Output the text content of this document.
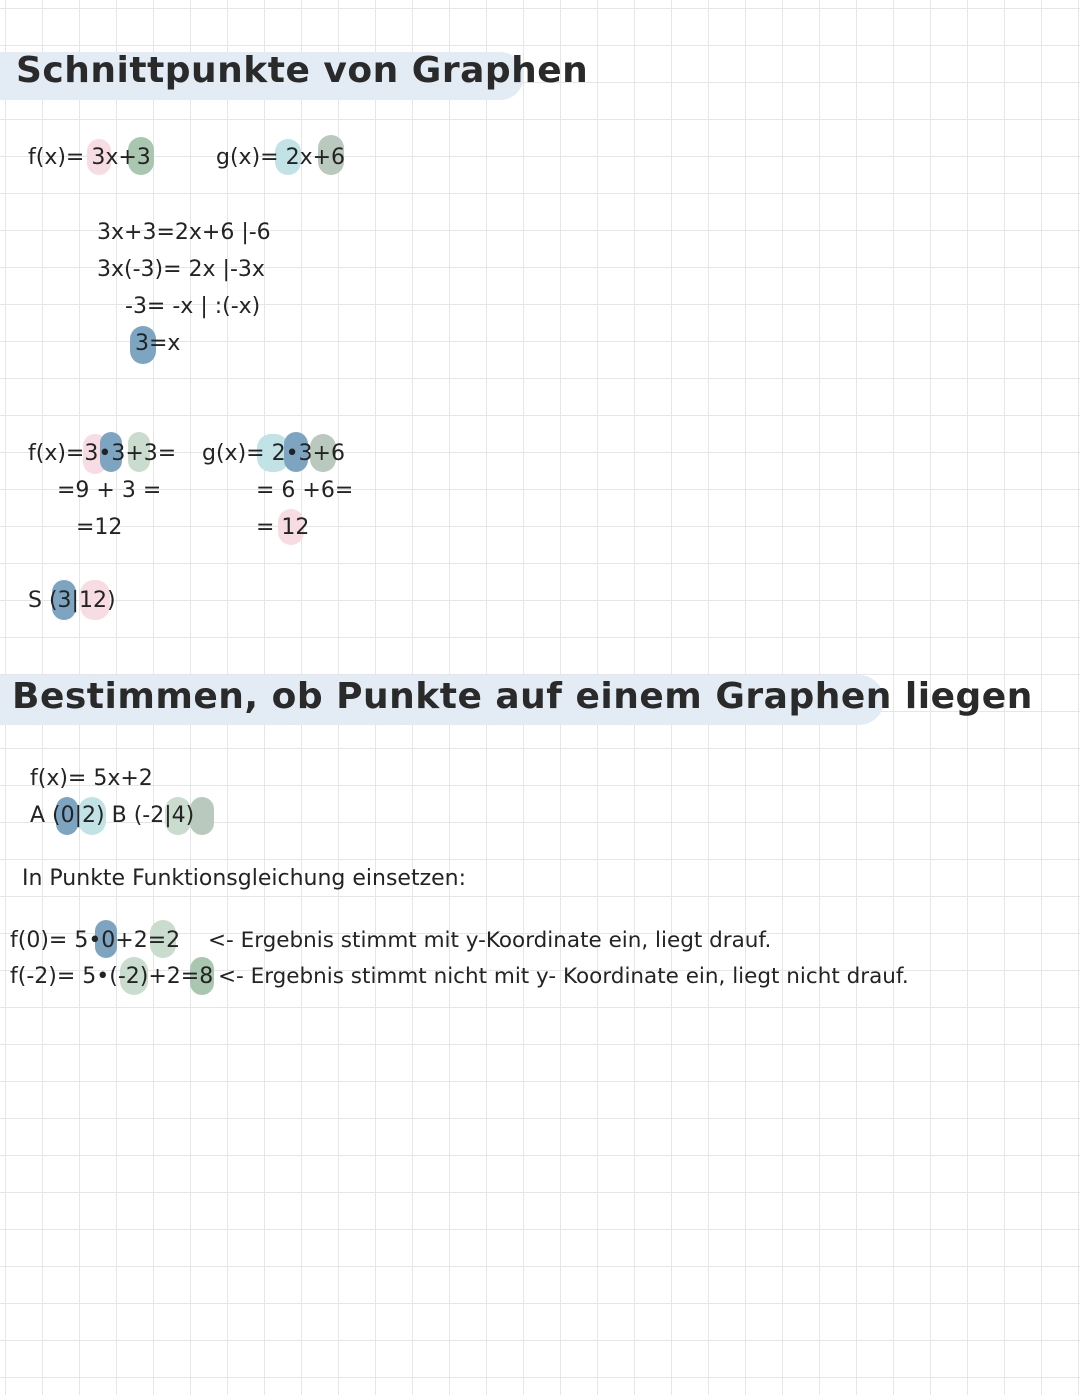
Schnittpunkte von Graphen
f(x)= 3x+3	g(x)= 2x+6
3x+3=2x+6 |-6
3x(-3)= 2x |-3x
-3= -x | :(-x)
3=x
f(x)=3•3+3=
=9 + 3 =
=12
g(x)= 2•3+6
= 6 +6=
= 12
S (3|12)
Bestimmen, ob Punkte auf einem Graphen liegen
f(x)= 5x+2
A (0|2) B (-2|4)
In Punkte Funktionsgleichung einsetzen:
f(0)= 5•0+2=2 <- Ergebnis stimmt mit y-Koordinate ein, liegt drauf.
f(-2)= 5•(-2)+2=8 <- Ergebnis stimmt nicht mit y- Koordinate ein, liegt nicht drauf.
